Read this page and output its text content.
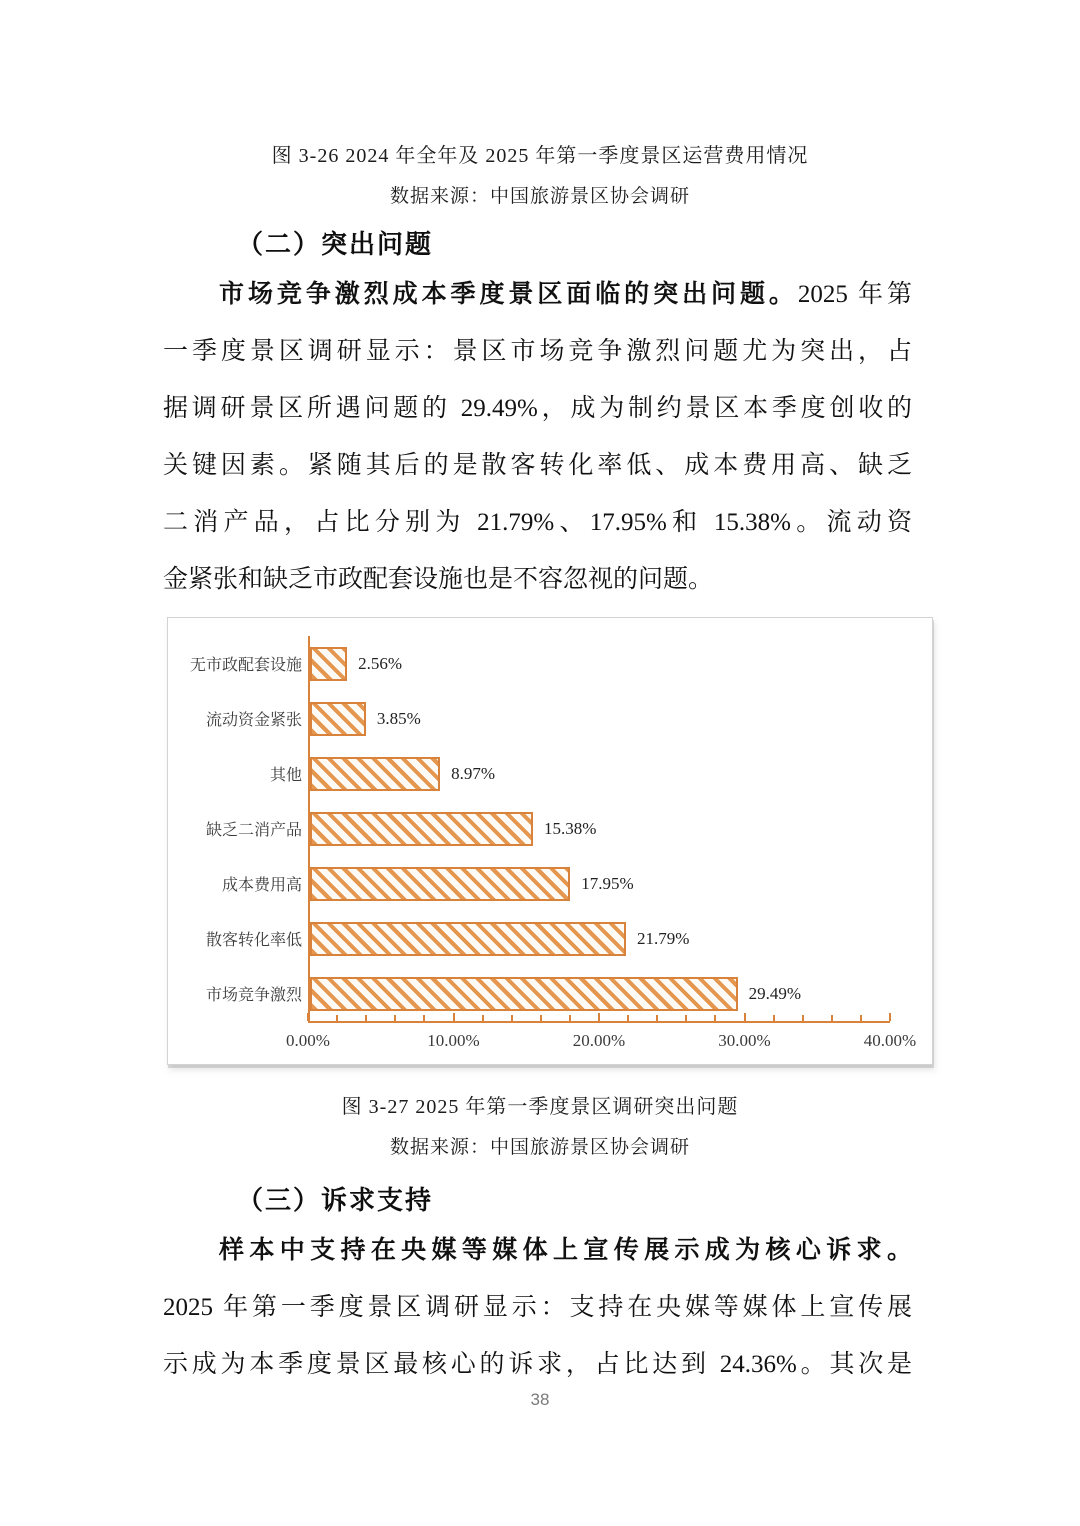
图 3-26 2024 年全年及 2025 年第一季度景区运营费用情况
数据来源：中国旅游景区协会调研
（二）突出问题

市场竞争激烈成本季度景区面临的突出问题。2025 年第

一季度景区调研显示：景区市场竞争激烈问题尤为突出，占

据调研景区所遇问题的 29.49%，成为制约景区本季度创收的

关键因素。紧随其后的是散客转化率低、成本费用高、缺乏

二消产品，占比分别为 21.79%、17.95%和 15.38%。流动资

金紧张和缺乏市政配套设施也是不容忽视的问题。

无市政配套设施	2.56%
流动资金紧张	3.85%
其他	8.97%
缺乏二消产品	15.38%
成本费用高	17.95%
散客转化率低	21.79%
市场竞争激烈	29.49%
0.00%	10.00%	20.00%	30.00%	40.00%
图 3-27 2025 年第一季度景区调研突出问题
数据来源：中国旅游景区协会调研
（三）诉求支持

样本中支持在央媒等媒体上宣传展示成为核心诉求。

2025 年第一季度景区调研显示：支持在央媒等媒体上宣传展

示成为本季度景区最核心的诉求，占比达到 24.36%。其次是

38
